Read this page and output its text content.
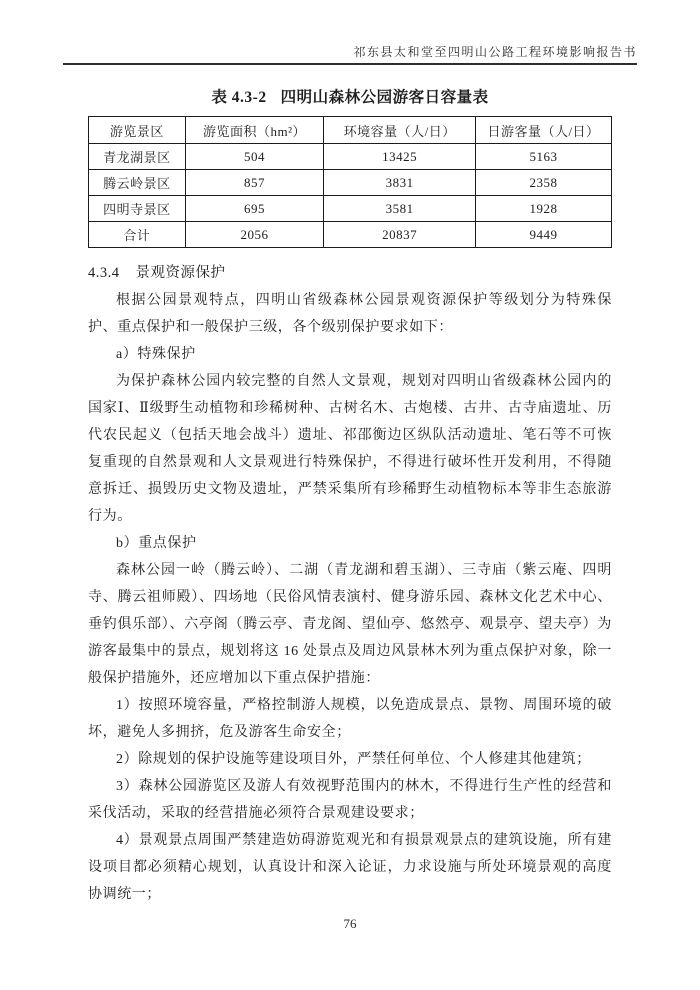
祁东县太和堂至四明山公路工程环境影响报告书
表 4.3-2 四明山森林公园游客日容量表
游览景区	游览面积（hm²）	环境容量（人/日）	日游客量（人/日）
青龙湖景区	504	13425	5163
腾云岭景区	857	3831	2358
四明寺景区	695	3581	1928
合计	2056	20837	9449
4.3.4 景观资源保护

根据公园景观特点，四明山省级森林公园景观资源保护等级划分为特殊保护、重点保护和一般保护三级，各个级别保护要求如下：

a）特殊保护

为保护森林公园内较完整的自然人文景观，规划对四明山省级森林公园内的国家Ⅰ、Ⅱ级野生动植物和珍稀树种、古树名木、古炮楼、古井、古寺庙遗址、历代农民起义（包括天地会战斗）遗址、祁邵衡边区纵队活动遗址、笔石等不可恢复重现的自然景观和人文景观进行特殊保护，不得进行破坏性开发利用，不得随意拆迁、损毁历史文物及遗址，严禁采集所有珍稀野生动植物标本等非生态旅游行为。

b）重点保护

森林公园一岭（腾云岭）、二湖（青龙湖和碧玉湖）、三寺庙（紫云庵、四明寺、腾云祖师殿）、四场地（民俗风情表演村、健身游乐园、森林文化艺术中心、垂钓俱乐部）、六亭阁（腾云亭、青龙阁、望仙亭、悠然亭、观景亭、望夫亭）为游客最集中的景点，规划将这 16 处景点及周边风景林木列为重点保护对象，除一般保护措施外，还应增加以下重点保护措施：

1）按照环境容量，严格控制游人规模，以免造成景点、景物、周围环境的破坏，避免人多拥挤，危及游客生命安全；

2）除规划的保护设施等建设项目外，严禁任何单位、个人修建其他建筑；

3）森林公园游览区及游人有效视野范围内的林木，不得进行生产性的经营和采伐活动，采取的经营措施必须符合景观建设要求；

4）景观景点周围严禁建造妨碍游览观光和有损景观景点的建筑设施，所有建设项目都必须精心规划，认真设计和深入论证，力求设施与所处环境景观的高度协调统一；

76
